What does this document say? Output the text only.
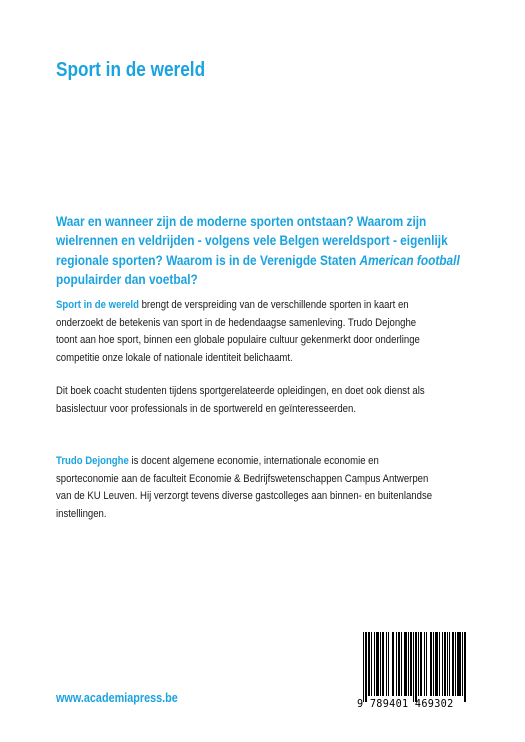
Sport in de wereld

Waar en wanneer zijn de moderne sporten ontstaan? Waarom zijn
wielrennen en veldrijden - volgens vele Belgen wereldsport - eigenlijk
regionale sporten? Waarom is in de Verenigde Staten American football
populairder dan voetbal?

Sport in de wereld brengt de verspreiding van de verschillende sporten in kaart en
onderzoekt de betekenis van sport in de hedendaagse samenleving. Trudo Dejonghe
toont aan hoe sport, binnen een globale populaire cultuur gekenmerkt door onderlinge
competitie onze lokale of nationale identiteit belichaamt.

Dit boek coacht studenten tijdens sportgerelateerde opleidingen, en doet ook dienst als
basislectuur voor professionals in de sportwereld en geïnteresseerden.

Trudo Dejonghe is docent algemene economie, internationale economie en
sporteconomie aan de faculteit Economie & Bedrijfswetenschappen Campus Antwerpen
van de KU Leuven. Hij verzorgt tevens diverse gastcolleges aan binnen- en buitenlandse
instellingen.

9 789401 469302
www.academiapress.be
